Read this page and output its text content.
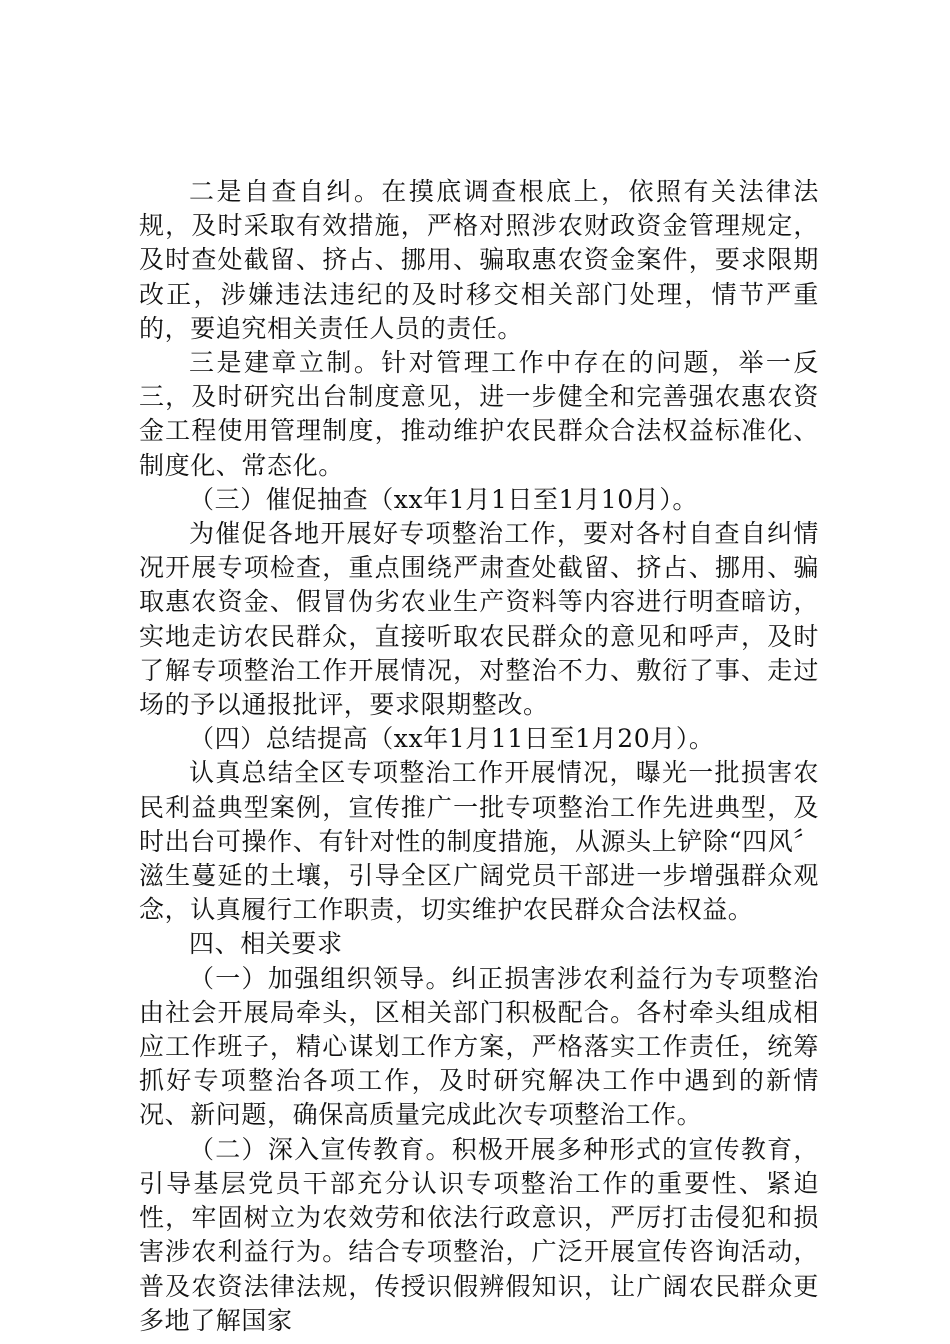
二是自查自纠。在摸底调查根底上，依照有关法律法规，及时采取有效措施，严格对照涉农财政资金管理规定，及时查处截留、挤占、挪用、骗取惠农资金案件，要求限期改正，涉嫌违法违纪的及时移交相关部门处理，情节严重的，要追究相关责任人员的责任。

三是建章立制。针对管理工作中存在的问题，举一反三，及时研究出台制度意见，进一步健全和完善强农惠农资金工程使用管理制度，推动维护农民群众合法权益标准化、制度化、常态化。

（三）催促抽查（xx年1月1日至1月10月）。

为催促各地开展好专项整治工作，要对各村自查自纠情况开展专项检查，重点围绕严肃查处截留、挤占、挪用、骗取惠农资金、假冒伪劣农业生产资料等内容进行明查暗访，实地走访农民群众，直接听取农民群众的意见和呼声，及时了解专项整治工作开展情况，对整治不力、敷衍了事、走过场的予以通报批评，要求限期整改。

（四）总结提高（xx年1月11日至1月20月）。

认真总结全区专项整治工作开展情况，曝光一批损害农民利益典型案例，宣传推广一批专项整治工作先进典型，及时出台可操作、有针对性的制度措施，从源头上铲除“四风〞滋生蔓延的土壤，引导全区广阔党员干部进一步增强群众观念，认真履行工作职责，切实维护农民群众合法权益。

四、相关要求

（一）加强组织领导。纠正损害涉农利益行为专项整治由社会开展局牵头，区相关部门积极配合。各村牵头组成相应工作班子，精心谋划工作方案，严格落实工作责任，统筹抓好专项整治各项工作，及时研究解决工作中遇到的新情况、新问题，确保高质量完成此次专项整治工作。

（二）深入宣传教育。积极开展多种形式的宣传教育，引导基层党员干部充分认识专项整治工作的重要性、紧迫性，牢固树立为农效劳和依法行政意识，严厉打击侵犯和损害涉农利益行为。结合专项整治，广泛开展宣传咨询活动，普及农资法律法规，传授识假辨假知识，让广阔农民群众更多地了解国家
